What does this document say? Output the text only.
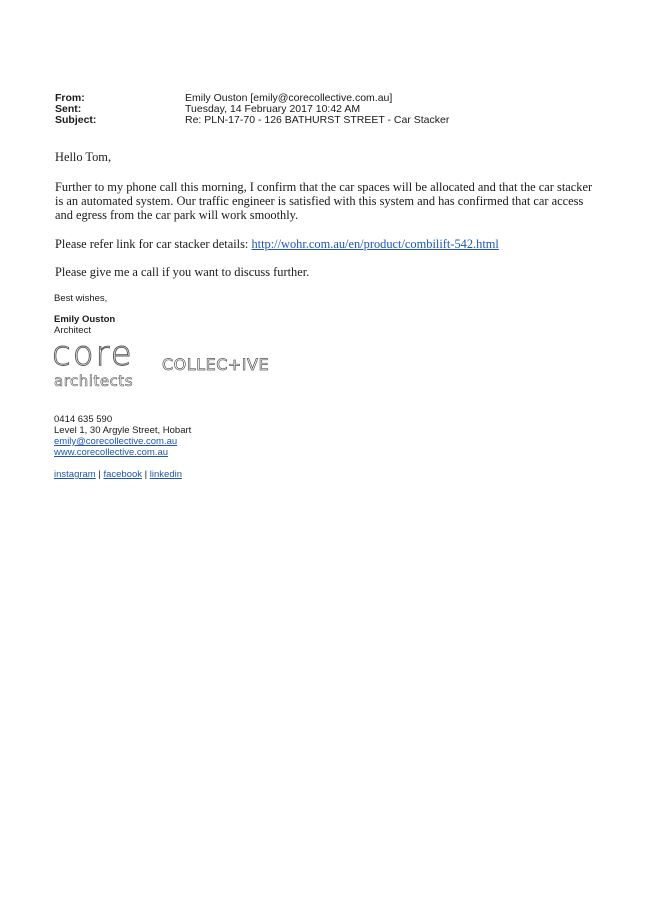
From:	Emily Ouston [emily@corecollective.com.au]
Sent:	Tuesday, 14 February 2017 10:42 AM
Subject:	Re: PLN-17-70 - 126 BATHURST STREET - Car Stacker
Hello Tom,
Further to my phone call this morning, I confirm that the car spaces will be allocated and that the car stacker
is an automated system. Our traffic engineer is satisfied with this system and has confirmed that car access
and egress from the car park will work smoothly.
Please refer link for car stacker details: http://wohr.com.au/en/product/combilift-542.html
Please give me a call if you want to discuss further.
Best wishes,
Emily Ouston
Architect
core COLLEC+IVE
architects
0414 635 590
Level 1, 30 Argyle Street, Hobart
emily@corecollective.com.au
www.corecollective.com.au
instagram | facebook | linkedin
